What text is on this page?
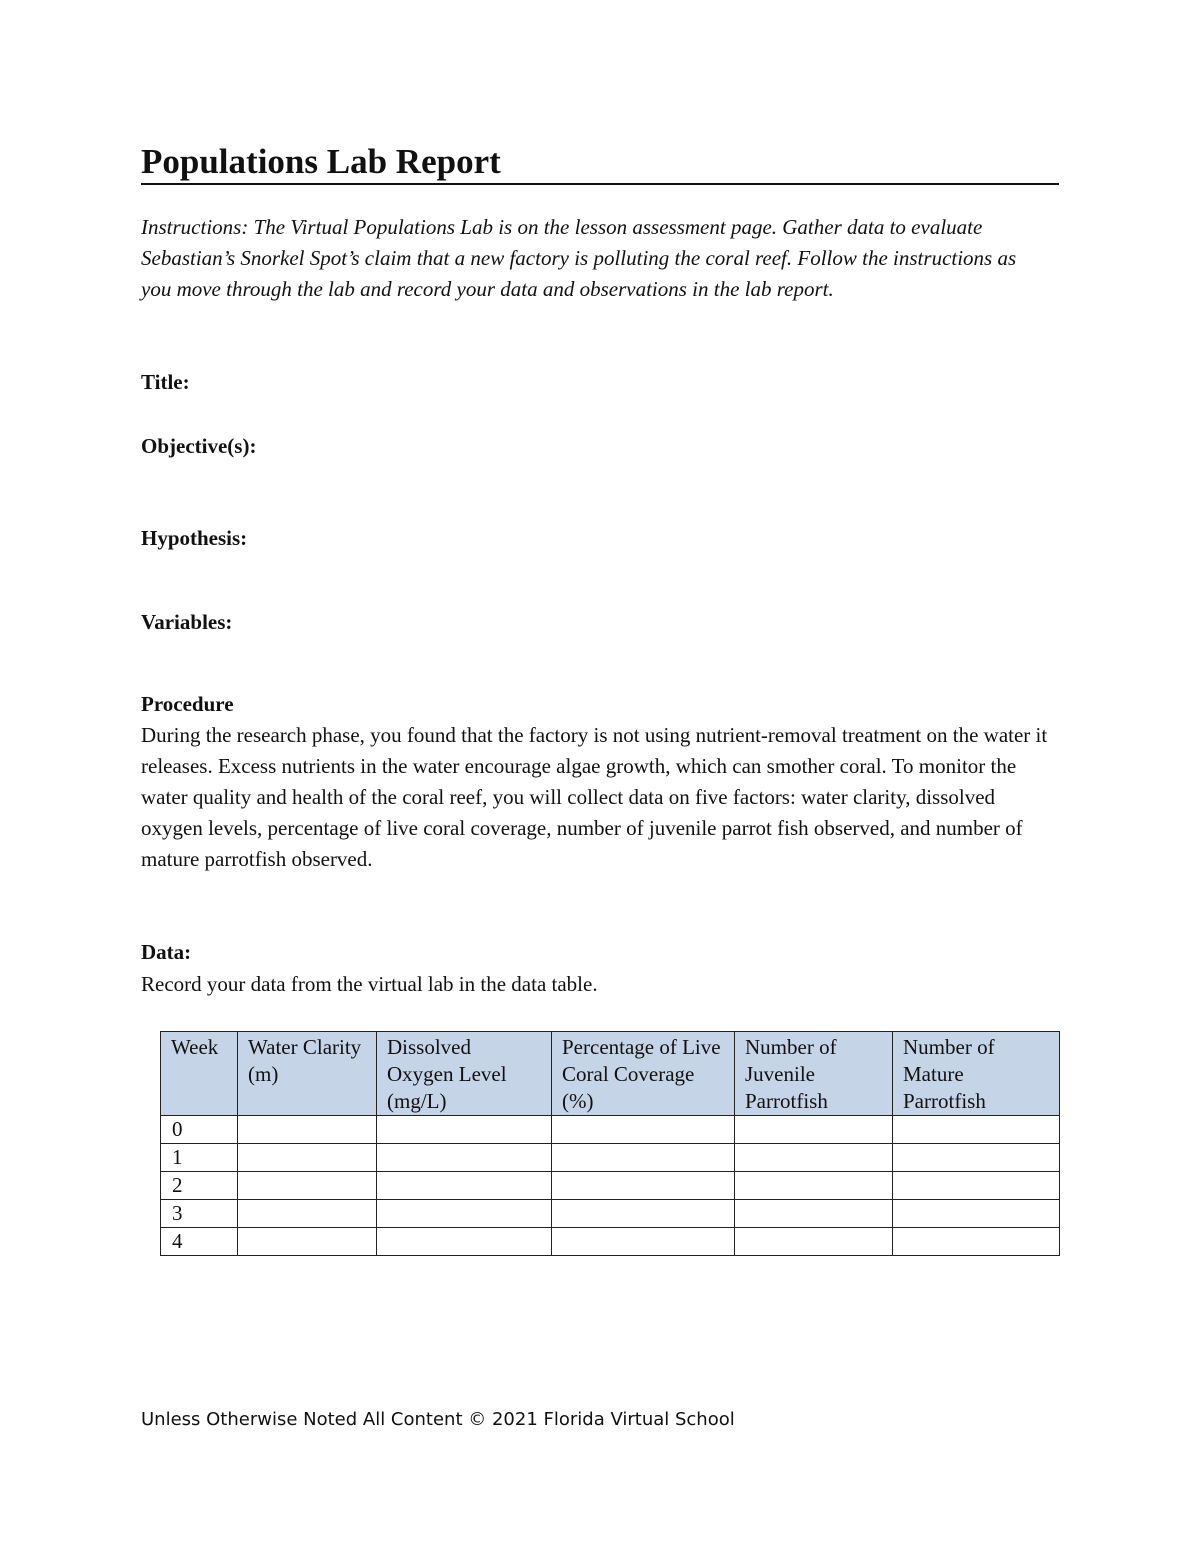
Populations Lab Report
Instructions: The Virtual Populations Lab is on the lesson assessment page. Gather data to evaluate Sebastian’s Snorkel Spot’s claim that a new factory is polluting the coral reef. Follow the instructions as you move through the lab and record your data and observations in the lab report.
Title:
Objective(s):
Hypothesis:
Variables:
Procedure
During the research phase, you found that the factory is not using nutrient-removal treatment on the water it releases. Excess nutrients in the water encourage algae growth, which can smother coral. To monitor the water quality and health of the coral reef, you will collect data on five factors: water clarity, dissolved oxygen levels, percentage of live coral coverage, number of juvenile parrot fish observed, and number of mature parrotfish observed.
Data:
Record your data from the virtual lab in the data table.
Week	Water Clarity (m)	Dissolved Oxygen Level (mg/L)	Percentage of Live Coral Coverage (%)	Number of Juvenile Parrotfish	Number of Mature Parrotfish
0					
1					
2					
3					
4					
Unless Otherwise Noted All Content © 2021 Florida Virtual School
